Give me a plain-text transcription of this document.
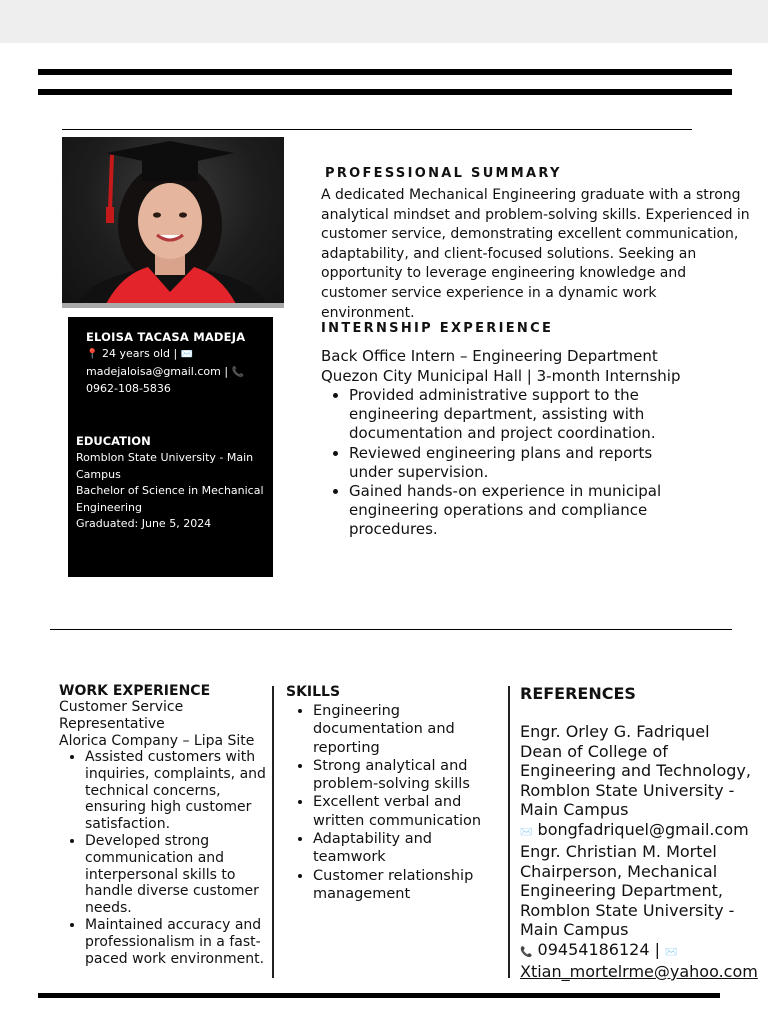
ELOISA TACASA MADEJA
📍 24 years old | ✉️
madejaloisa@gmail.com | 📞
0962-108-5836
EDUCATION
Romblon State University - Main Campus
Bachelor of Science in Mechanical Engineering
Graduated: June 5, 2024
PROFESSIONAL SUMMARY
A dedicated Mechanical Engineering graduate with a strong analytical mindset and problem-solving skills. Experienced in customer service, demonstrating excellent communication, adaptability, and client-focused solutions. Seeking an opportunity to leverage engineering knowledge and customer service experience in a dynamic work environment.
INTERNSHIP EXPERIENCE
Back Office Intern – Engineering Department
Quezon City Municipal Hall | 3-month Internship
• Provided administrative support to the engineering department, assisting with documentation and project coordination.
• Reviewed engineering plans and reports under supervision.
• Gained hands-on experience in municipal engineering operations and compliance procedures.
WORK EXPERIENCE
Customer Service Representative
Alorica Company – Lipa Site
• Assisted customers with inquiries, complaints, and technical concerns, ensuring high customer satisfaction.
• Developed strong communication and interpersonal skills to handle diverse customer needs.
• Maintained accuracy and professionalism in a fast-paced work environment.
SKILLS
• Engineering documentation and reporting
• Strong analytical and problem-solving skills
• Excellent verbal and written communication
• Adaptability and teamwork
• Customer relationship management
REFERENCES
Engr. Orley G. Fadriquel
Dean of College of Engineering and Technology, Romblon State University - Main Campus
✉️ bongfadriquel@gmail.com
Engr. Christian M. Mortel
Chairperson, Mechanical Engineering Department, Romblon State University - Main Campus
📞 09454186124 | ✉️
Xtian_mortelrme@yahoo.com
